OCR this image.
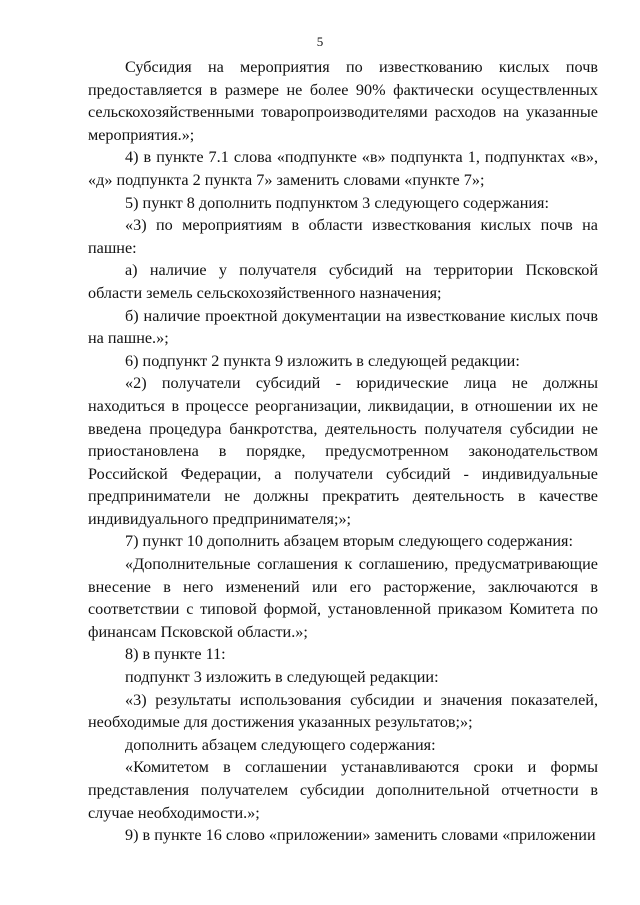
5

Субсидия на мероприятия по известкованию кислых почв предоставляется в размере не более 90% фактически осуществленных сельскохозяйственными товаропроизводителями расходов на указанные мероприятия.»;

4) в пункте 7.1 слова «подпункте «в» подпункта 1, подпунктах «в», «д» подпункта 2 пункта 7» заменить словами «пункте 7»;

5) пункт 8 дополнить подпунктом 3 следующего содержания:

«3) по мероприятиям в области известкования кислых почв на пашне:

а) наличие у получателя субсидий на территории Псковской области земель сельскохозяйственного назначения;

б) наличие проектной документации на известкование кислых почв на пашне.»;

6) подпункт 2 пункта 9 изложить в следующей редакции:

«2) получатели субсидий - юридические лица не должны находиться в процессе реорганизации, ликвидации, в отношении их не введена процедура банкротства, деятельность получателя субсидии не приостановлена в порядке, предусмотренном законодательством Российской Федерации, а получатели субсидий - индивидуальные предприниматели не должны прекратить деятельность в качестве индивидуального предпринимателя;»;

7) пункт 10 дополнить абзацем вторым следующего содержания:

«Дополнительные соглашения к соглашению, предусматривающие внесение в него изменений или его расторжение, заключаются в соответствии с типовой формой, установленной приказом Комитета по финансам Псковской области.»;

8) в пункте 11:

подпункт 3 изложить в следующей редакции:

«3) результаты использования субсидии и значения показателей, необходимые для достижения указанных результатов;»;

дополнить абзацем следующего содержания:

«Комитетом в соглашении устанавливаются сроки и формы представления получателем субсидии дополнительной отчетности в случае необходимости.»;

9) в пункте 16 слово «приложении» заменить словами «приложении
